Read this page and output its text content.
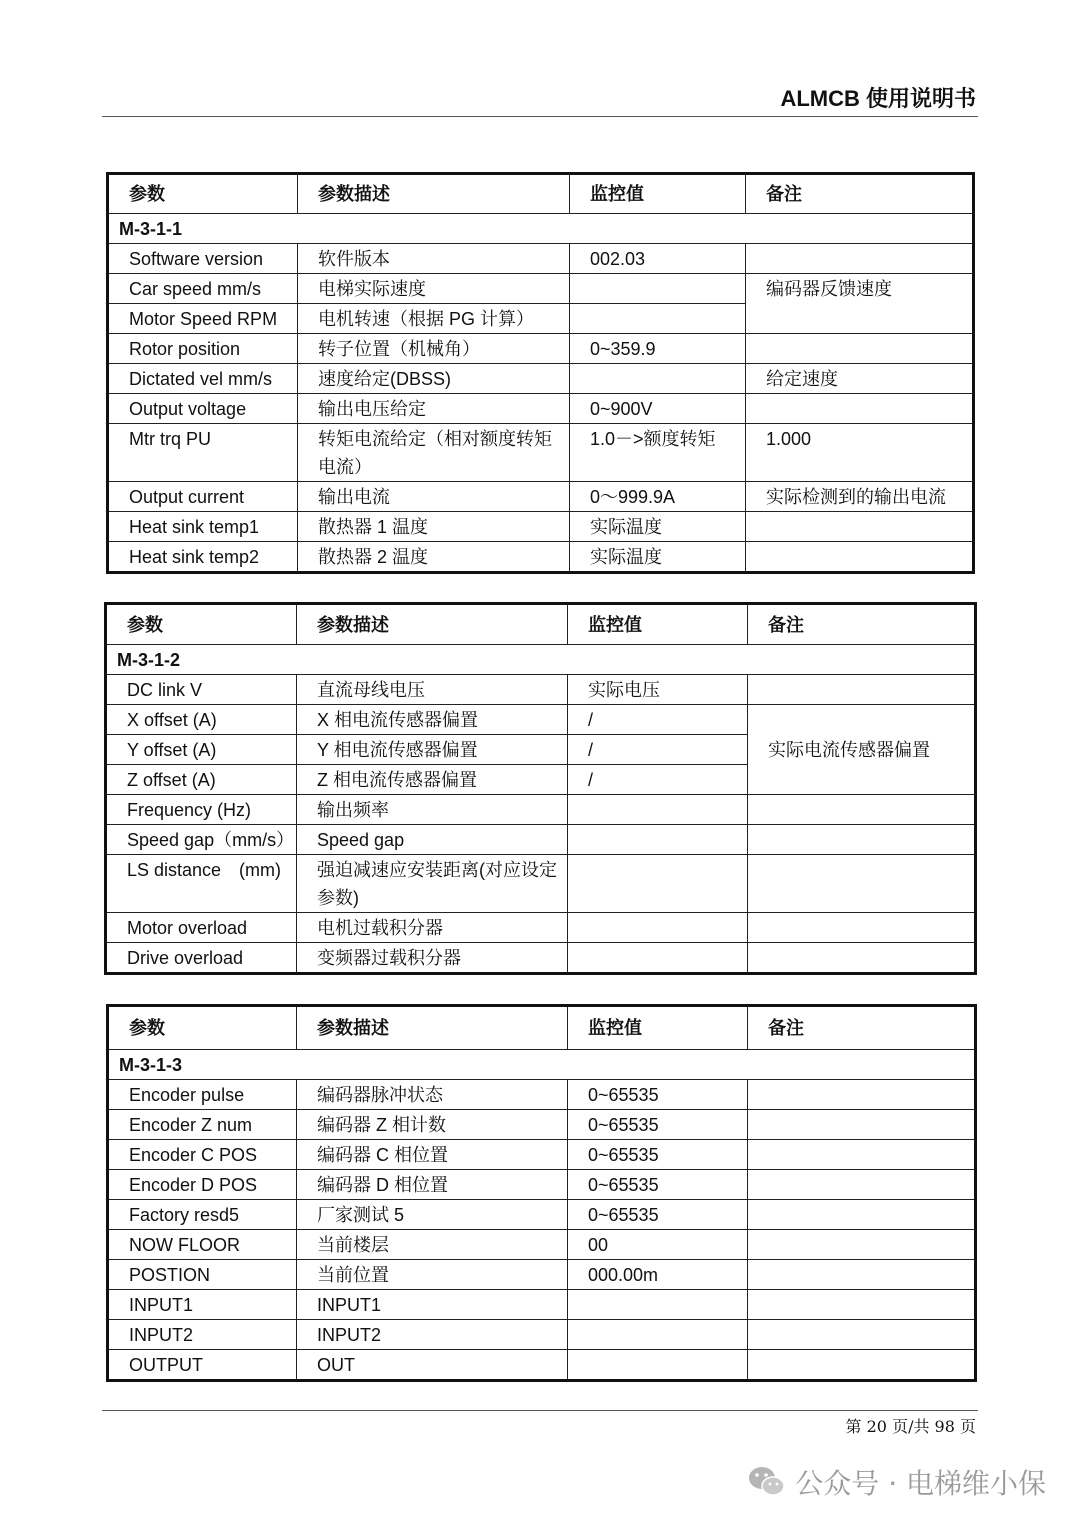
ALMCB 使用说明书
参数	参数描述	监控值	备注
M-3-1-1			
Software version	软件版本	002.03	
Car speed mm/s	电梯实际速度		编码器反馈速度
Motor Speed RPM	电机转速（根据 PG 计算）		
Rotor position	转子位置（机械角）	0~359.9	
Dictated vel mm/s	速度给定(DBSS)		给定速度
Output voltage	输出电压给定	0~900V	
Mtr trq PU	转矩电流给定（相对额度转矩电流）	1.0－>额度转矩	1.000
Output current	输出电流	0～999.9A	实际检测到的输出电流
Heat sink temp1	散热器 1 温度	实际温度	
Heat sink temp2	散热器 2 温度	实际温度	
参数	参数描述	监控值	备注
M-3-1-2			
DC link V	直流母线电压	实际电压	
X offset (A)	X 相电流传感器偏置	/	实际电流传感器偏置
Y offset (A)	Y 相电流传感器偏置	/	
Z offset (A)	Z 相电流传感器偏置	/	
Frequency (Hz)	输出频率		
Speed gap（mm/s）	Speed gap		
LS distance　(mm)	强迫减速应安装距离(对应设定参数)		
Motor overload	电机过载积分器		
Drive overload	变频器过载积分器		
参数	参数描述	监控值	备注
M-3-1-3			
Encoder pulse	编码器脉冲状态	0~65535	
Encoder Z num	编码器 Z 相计数	0~65535	
Encoder C POS	编码器 C 相位置	0~65535	
Encoder D POS	编码器 D 相位置	0~65535	
Factory resd5	厂家测试 5	0~65535	
NOW FLOOR	当前楼层	00	
POSTION	当前位置	000.00m	
INPUT1	INPUT1		
INPUT2	INPUT2		
OUTPUT	OUT		
第 20 页/共 98 页
公众号 · 电梯维小保
